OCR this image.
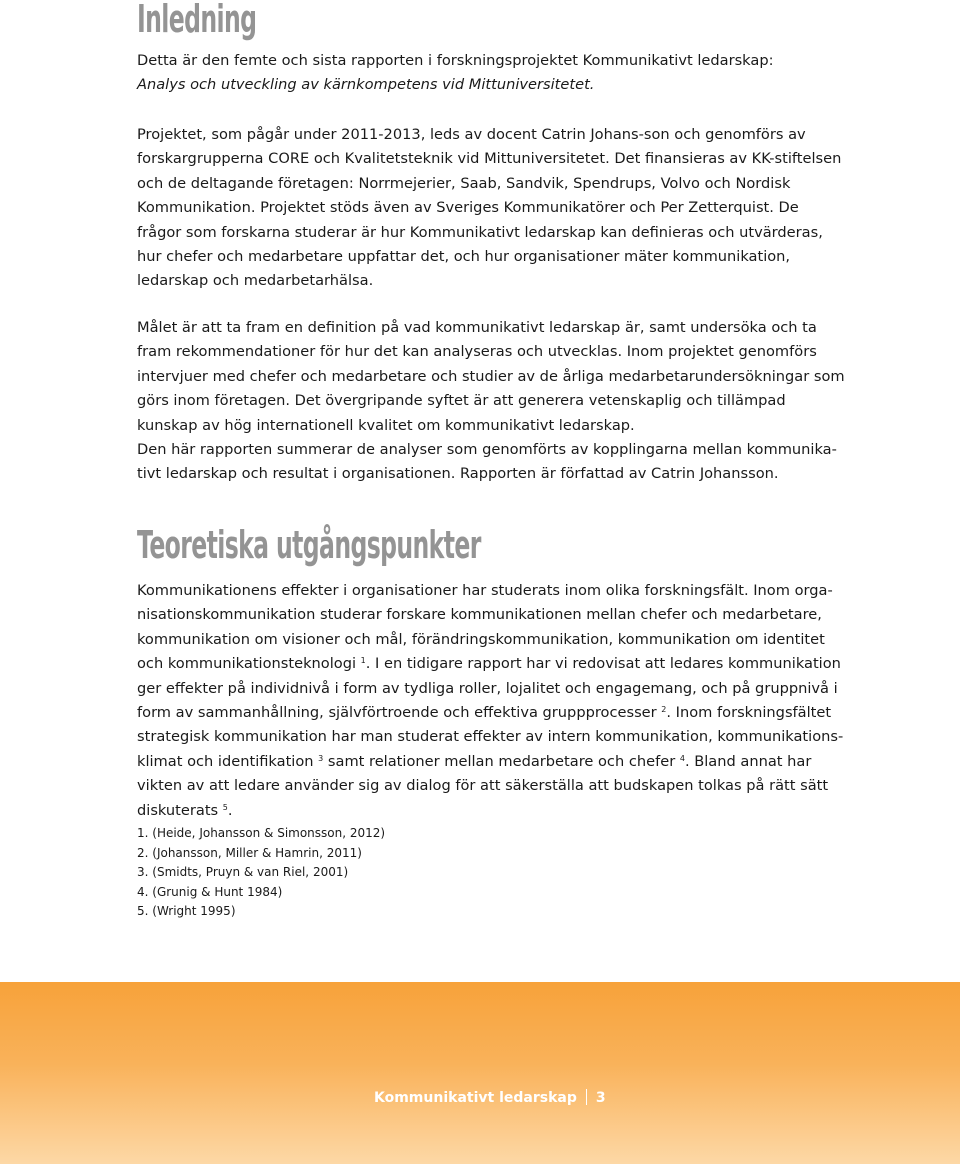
Inledning

Detta är den femte och sista rapporten i forskningsprojektet Kommunikativt ledarskap:
Analys och utveckling av kärnkompetens vid Mittuniversitetet.

Projektet, som pågår under 2011-2013, leds av docent Catrin Johans-son och genomförs av forskargrupperna CORE och Kvalitetsteknik vid Mittuniversitetet. Det finansieras av KK-stiftelsen och de deltagande företagen: Norrmejerier, Saab, Sandvik, Spendrups, Volvo och Nordisk Kommunikation. Projektet stöds även av Sveriges Kommunikatörer och Per Zetterquist. De frågor som forskarna studerar är hur Kommunikativt ledarskap kan definieras och utvärderas, hur chefer och medarbetare uppfattar det, och hur organisationer mäter kommunikation, ledarskap och medarbetarhälsa.

Målet är att ta fram en definition på vad kommunikativt ledarskap är, samt undersöka och ta fram rekommendationer för hur det kan analyseras och utvecklas. Inom projektet genomförs intervjuer med chefer och medarbetare och studier av de årliga medarbetarundersökningar som görs inom företagen. Det övergripande syftet är att generera vetenskaplig och tillämpad kunskap av hög internationell kvalitet om kommunikativt ledarskap.

Den här rapporten summerar de analyser som genomförts av kopplingarna mellan kommunika-tivt ledarskap och resultat i organisationen. Rapporten är författad av Catrin Johansson.

Teoretiska utgångspunkter

Kommunikationens effekter i organisationer har studerats inom olika forskningsfält. Inom orga-nisationskommunikation studerar forskare kommunikationen mellan chefer och medarbetare, kommunikation om visioner och mål, förändringskommunikation, kommunikation om identitet och kommunikationsteknologi $^1$. I en tidigare rapport har vi redovisat att ledares kommunikation ger effekter på individnivå i form av tydliga roller, lojalitet och engagemang, och på gruppnivå i form av sammanhållning, självförtroende och effektiva gruppprocesser $^2$. Inom forskningsfältet strategisk kommunikation har man studerat effekter av intern kommunikation, kommunikations-klimat och identifikation $^3$ samt relationer mellan medarbetare och chefer $^4$. Bland annat har vikten av att ledare använder sig av dialog för att säkerställa att budskapen tolkas på rätt sätt diskuterats $^5$.

1. (Heide, Johansson & Simonsson, 2012)
2. (Johansson, Miller & Hamrin, 2011)
3. (Smidts, Pruyn & van Riel, 2001)
4. (Grunig & Hunt 1984)
5. (Wright 1995)
Kommunikativt ledarskap 3
